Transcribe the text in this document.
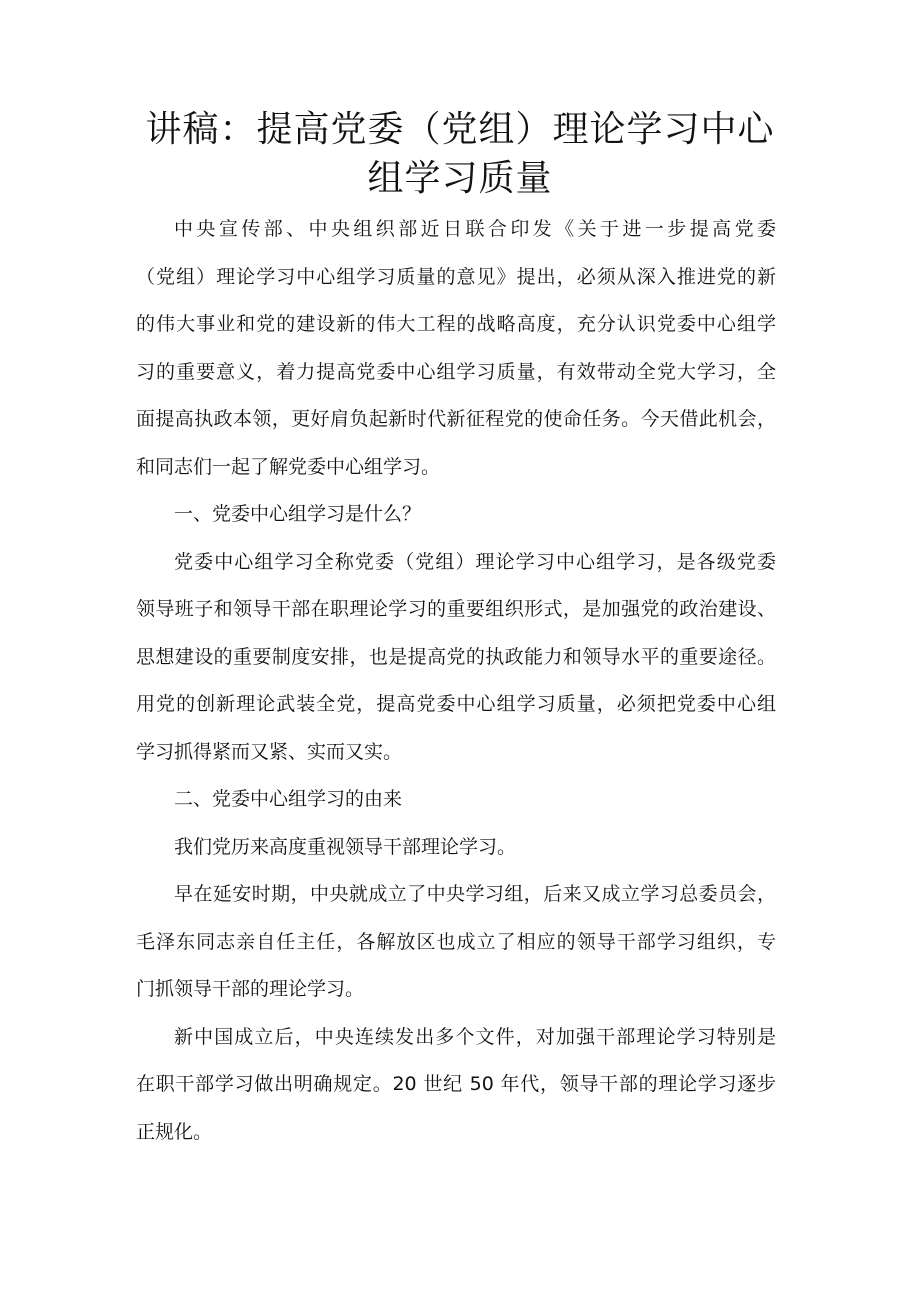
讲稿：提高党委（党组）理论学习中心
组学习质量
中央宣传部、中央组织部近日联合印发《关于进一步提高党委
（党组）理论学习中心组学习质量的意见》提出，必须从深入推进党的新
的伟大事业和党的建设新的伟大工程的战略高度，充分认识党委中心组学
习的重要意义，着力提高党委中心组学习质量，有效带动全党大学习，全
面提高执政本领，更好肩负起新时代新征程党的使命任务。今天借此机会，
和同志们一起了解党委中心组学习。
一、党委中心组学习是什么？
党委中心组学习全称党委（党组）理论学习中心组学习，是各级党委
领导班子和领导干部在职理论学习的重要组织形式，是加强党的政治建设、
思想建设的重要制度安排，也是提高党的执政能力和领导水平的重要途径。
用党的创新理论武装全党，提高党委中心组学习质量，必须把党委中心组
学习抓得紧而又紧、实而又实。
二、党委中心组学习的由来
我们党历来高度重视领导干部理论学习。
早在延安时期，中央就成立了中央学习组，后来又成立学习总委员会，
毛泽东同志亲自任主任，各解放区也成立了相应的领导干部学习组织，专
门抓领导干部的理论学习。
新中国成立后，中央连续发出多个文件，对加强干部理论学习特别是
在职干部学习做出明确规定。20 世纪 50 年代，领导干部的理论学习逐步
正规化。
